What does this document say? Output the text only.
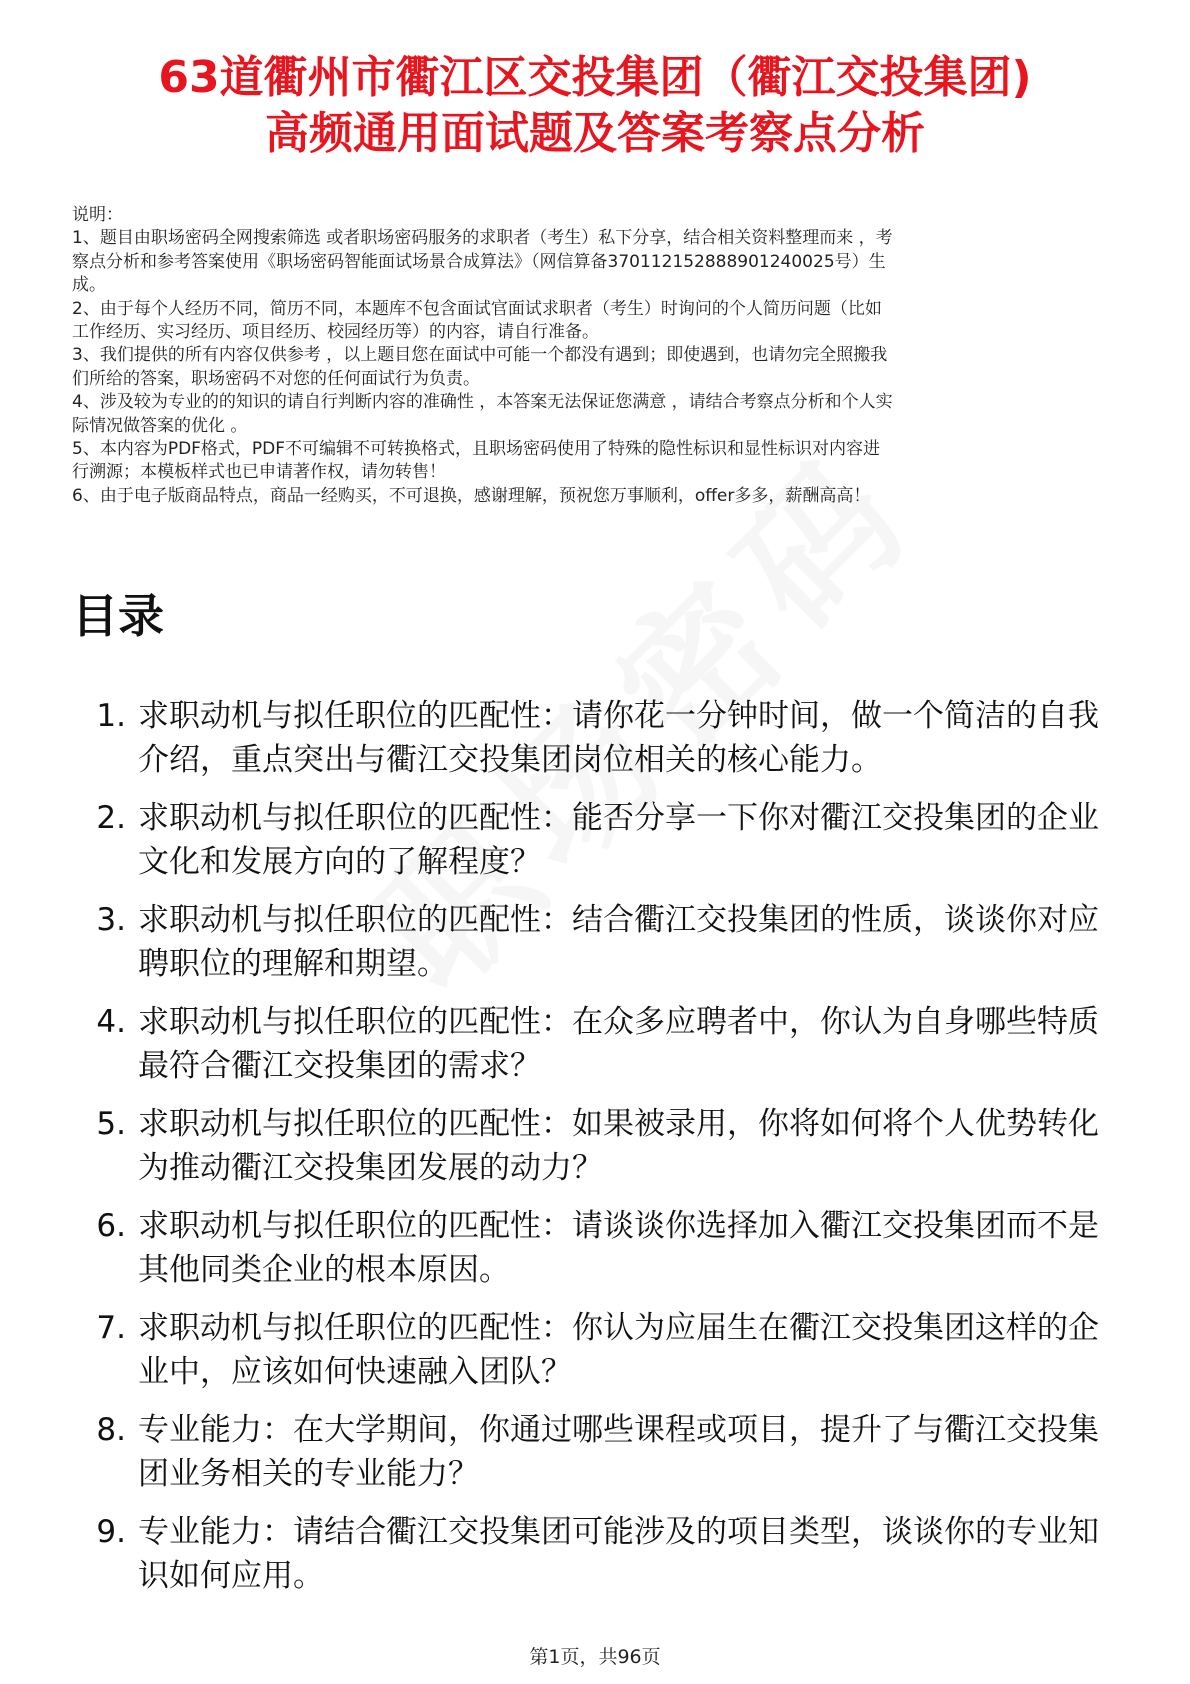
63道衢州市衢江区交投集团（衢江交投集团)
高频通用面试题及答案考察点分析
说明：
1、题目由职场密码全网搜索筛选 或者职场密码服务的求职者（考生）私下分享，结合相关资料整理而来 ，考
察点分析和参考答案使用《职场密码智能面试场景合成算法》（网信算备370112152888901240025号）生
成。
2、由于每个人经历不同，简历不同，本题库不包含面试官面试求职者（考生）时询问的个人简历问题（比如
工作经历、实习经历、项目经历、校园经历等）的内容，请自行准备。
3、我们提供的所有内容仅供参考 ，以上题目您在面试中可能一个都没有遇到；即使遇到，也请勿完全照搬我
们所给的答案，职场密码不对您的任何面试行为负责。
4、涉及较为专业的的知识的请自行判断内容的准确性 ，本答案无法保证您满意 ，请结合考察点分析和个人实
际情况做答案的优化 。
5、本内容为PDF格式，PDF不可编辑不可转换格式，且职场密码使用了特殊的隐性标识和显性标识对内容进
行溯源；本模板样式也已申请著作权，请勿转售！
6、由于电子版商品特点，商品一经购买，不可退换，感谢理解，预祝您万事顺利，offer多多，薪酬高高！
目录
1. 求职动机与拟任职位的匹配性：请你花一分钟时间，做一个简洁的自我介绍，重点突出与衢江交投集团岗位相关的核心能力。
2. 求职动机与拟任职位的匹配性：能否分享一下你对衢江交投集团的企业文化和发展方向的了解程度？
3. 求职动机与拟任职位的匹配性：结合衢江交投集团的性质，谈谈你对应聘职位的理解和期望。
4. 求职动机与拟任职位的匹配性：在众多应聘者中，你认为自身哪些特质最符合衢江交投集团的需求？
5. 求职动机与拟任职位的匹配性：如果被录用，你将如何将个人优势转化为推动衢江交投集团发展的动力？
6. 求职动机与拟任职位的匹配性：请谈谈你选择加入衢江交投集团而不是其他同类企业的根本原因。
7. 求职动机与拟任职位的匹配性：你认为应届生在衢江交投集团这样的企业中，应该如何快速融入团队？
8. 专业能力：在大学期间，你通过哪些课程或项目，提升了与衢江交投集团业务相关的专业能力？
9. 专业能力：请结合衢江交投集团可能涉及的项目类型，谈谈你的专业知识如何应用。
第1页，共96页
